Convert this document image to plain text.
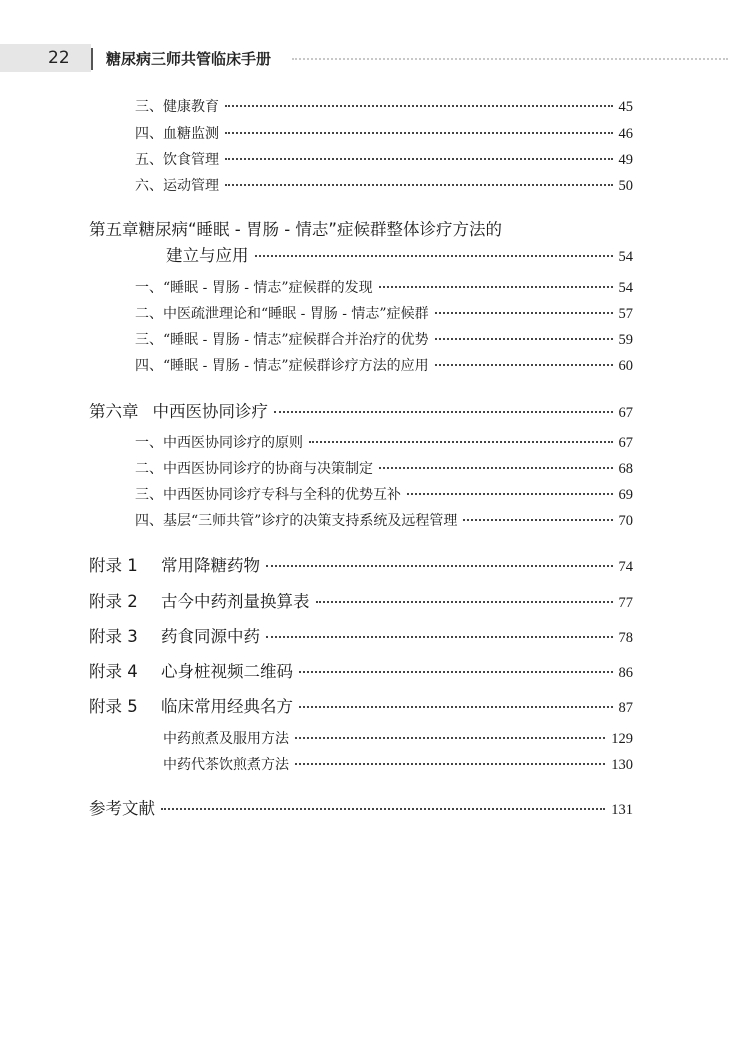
22 糖尿病三师共管临床手册
三、健康教育	45
四、血糖监测	46
五、饮食管理	49
六、运动管理	50
第五章糖尿病“睡眠 - 胃肠 - 情志”症候群整体诊疗方法的
建立与应用	54
一、“睡眠 - 胃肠 - 情志”症候群的发现	54
二、中医疏泄理论和“睡眠 - 胃肠 - 情志”症候群	57
三、“睡眠 - 胃肠 - 情志”症候群合并治疗的优势	59
四、“睡眠 - 胃肠 - 情志”症候群诊疗方法的应用	60
第六章 中西医协同诊疗	67
一、中西医协同诊疗的原则	67
二、中西医协同诊疗的协商与决策制定	68
三、中西医协同诊疗专科与全科的优势互补	69
四、基层“三师共管”诊疗的决策支持系统及远程管理	70
附录 1	常用降糖药物	74
附录 2	古今中药剂量换算表	77
附录 3	药食同源中药	78
附录 4	心身桩视频二维码	86
附录 5	临床常用经典名方	87
中药煎煮及服用方法	129
中药代茶饮煎煮方法	130
参考文献	131
